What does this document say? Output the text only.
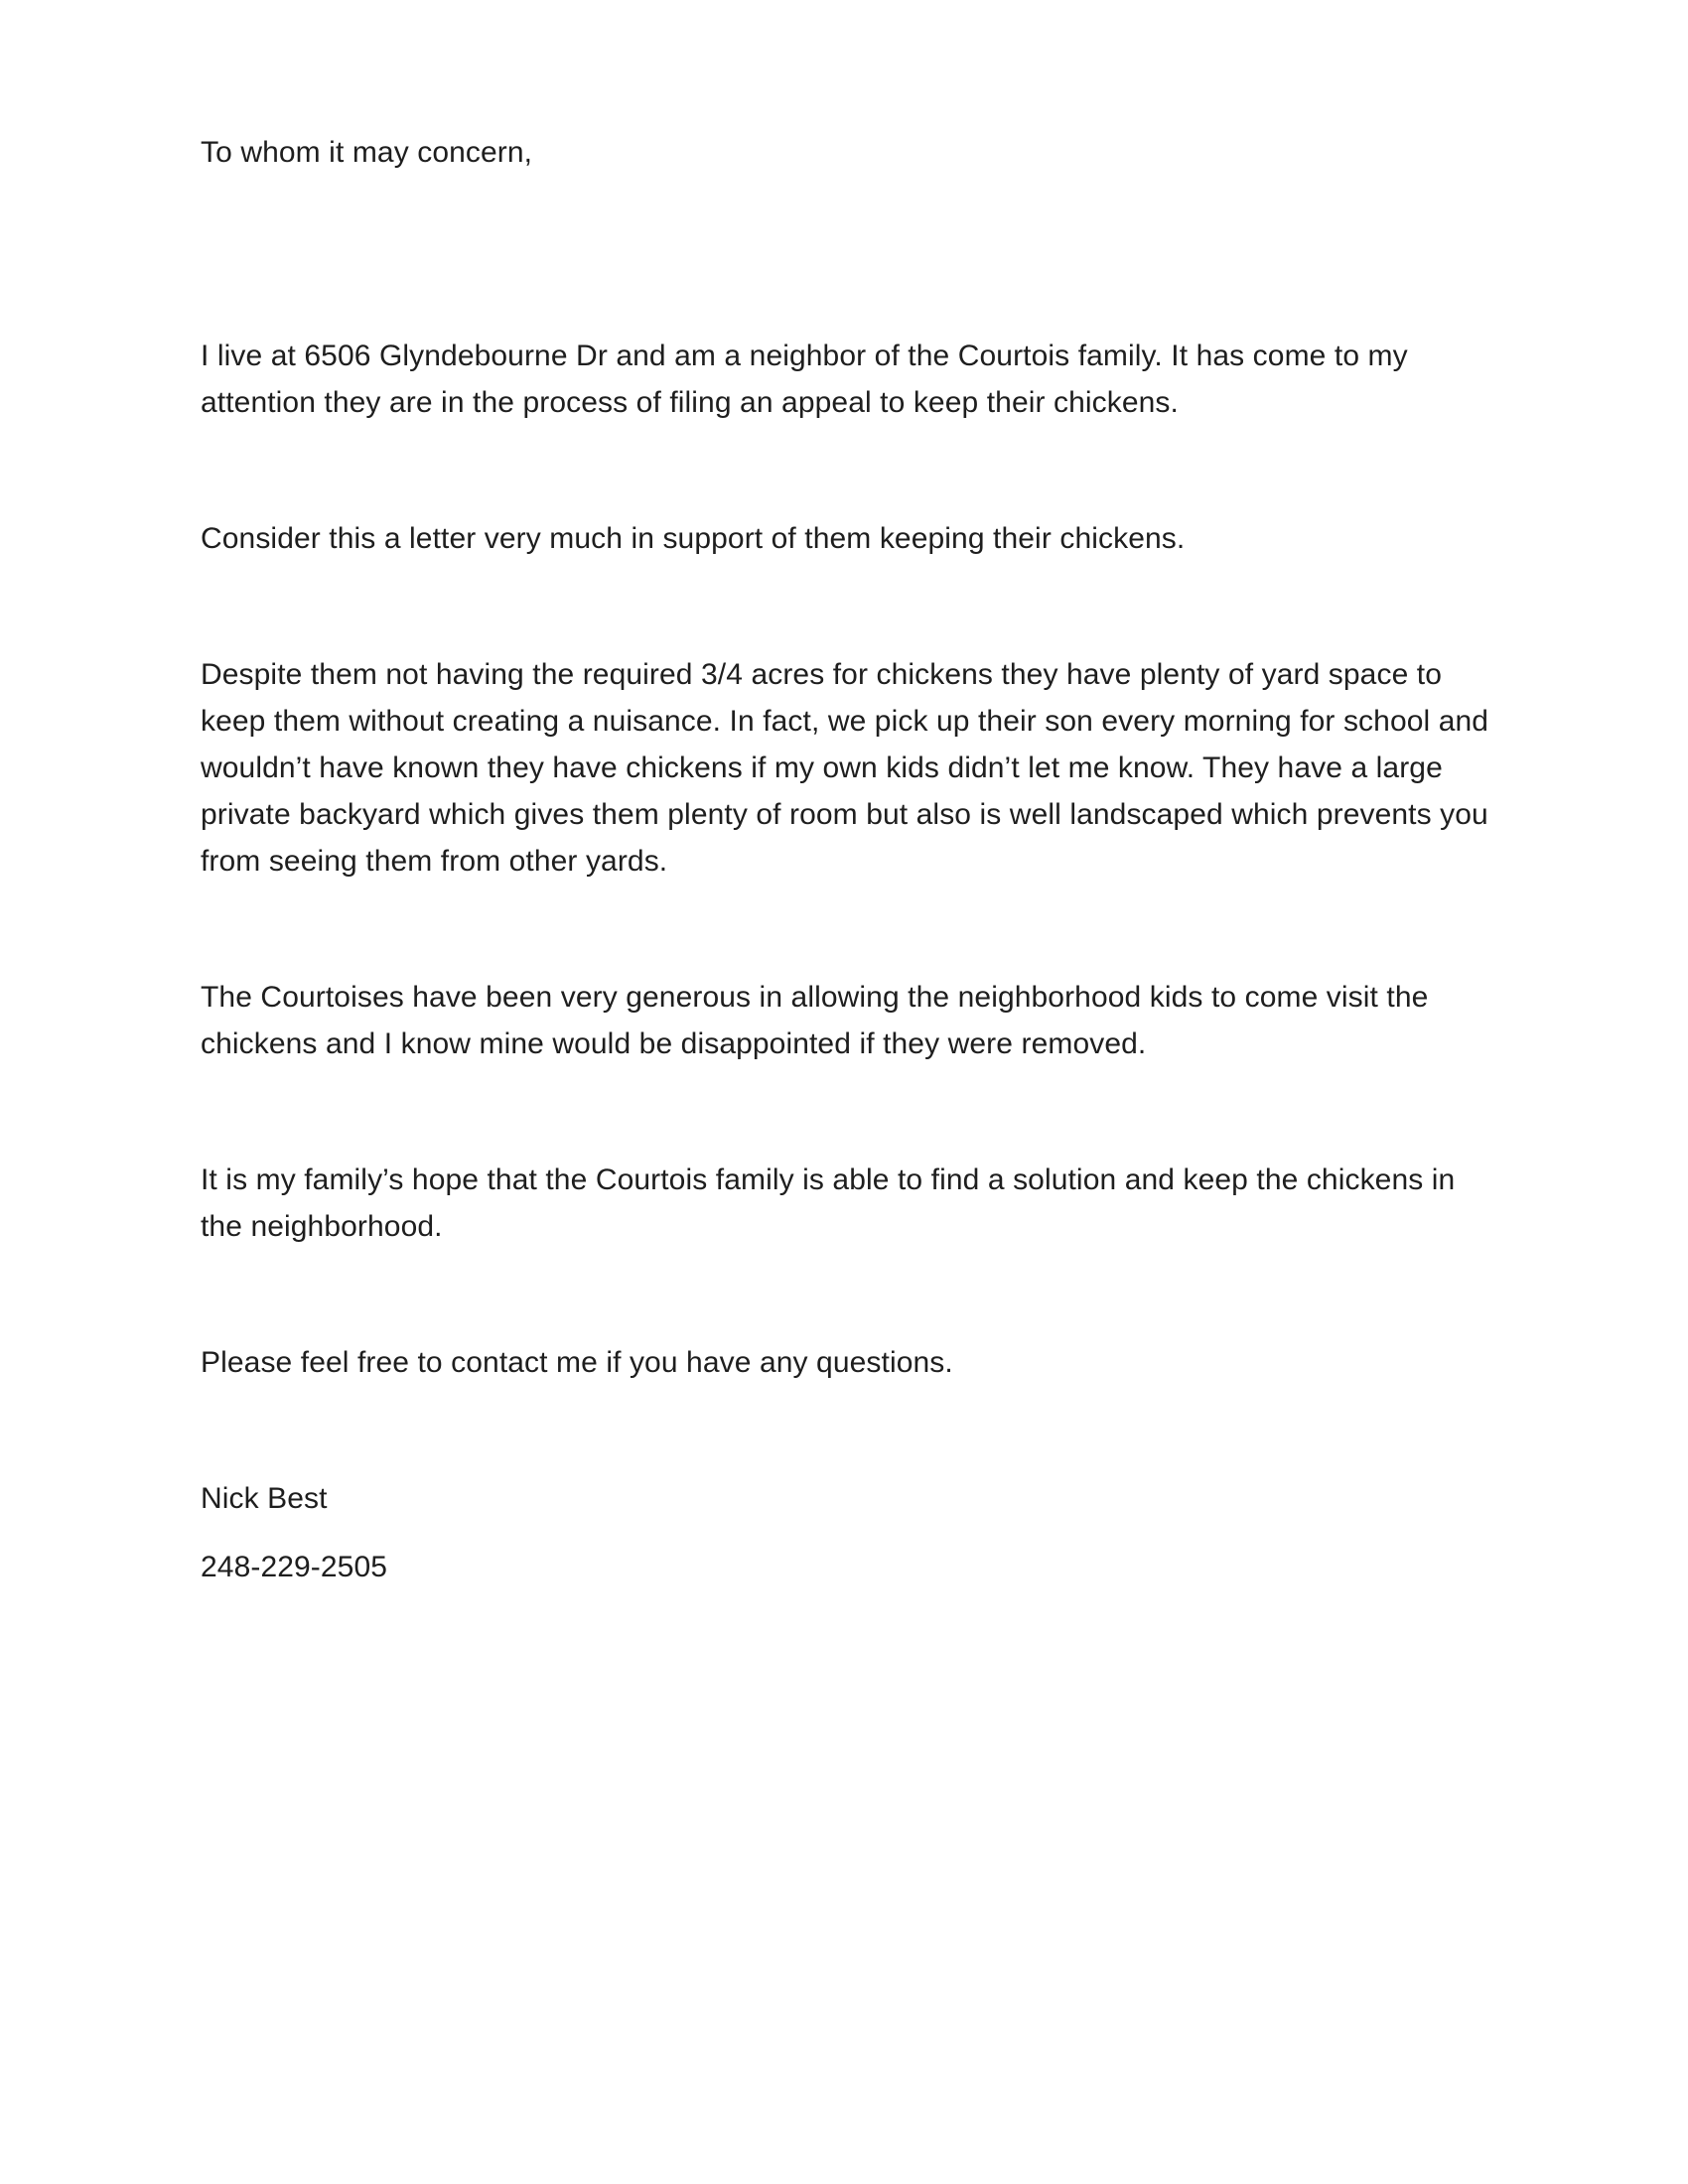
To whom it may concern,

I live at 6506 Glyndebourne Dr and am a neighbor of the Courtois family. It has come to my attention they are in the process of filing an appeal to keep their chickens.

Consider this a letter very much in support of them keeping their chickens.

Despite them not having the required 3/4 acres for chickens they have plenty of yard space to keep them without creating a nuisance. In fact, we pick up their son every morning for school and wouldn’t have known they have chickens if my own kids didn’t let me know. They have a large private backyard which gives them plenty of room but also is well landscaped which prevents you from seeing them from other yards.

The Courtoises have been very generous in allowing the neighborhood kids to come visit the chickens and I know mine would be disappointed if they were removed.

It is my family’s hope that the Courtois family is able to find a solution and keep the chickens in the neighborhood.

Please feel free to contact me if you have any questions.

Nick Best

248-229-2505
